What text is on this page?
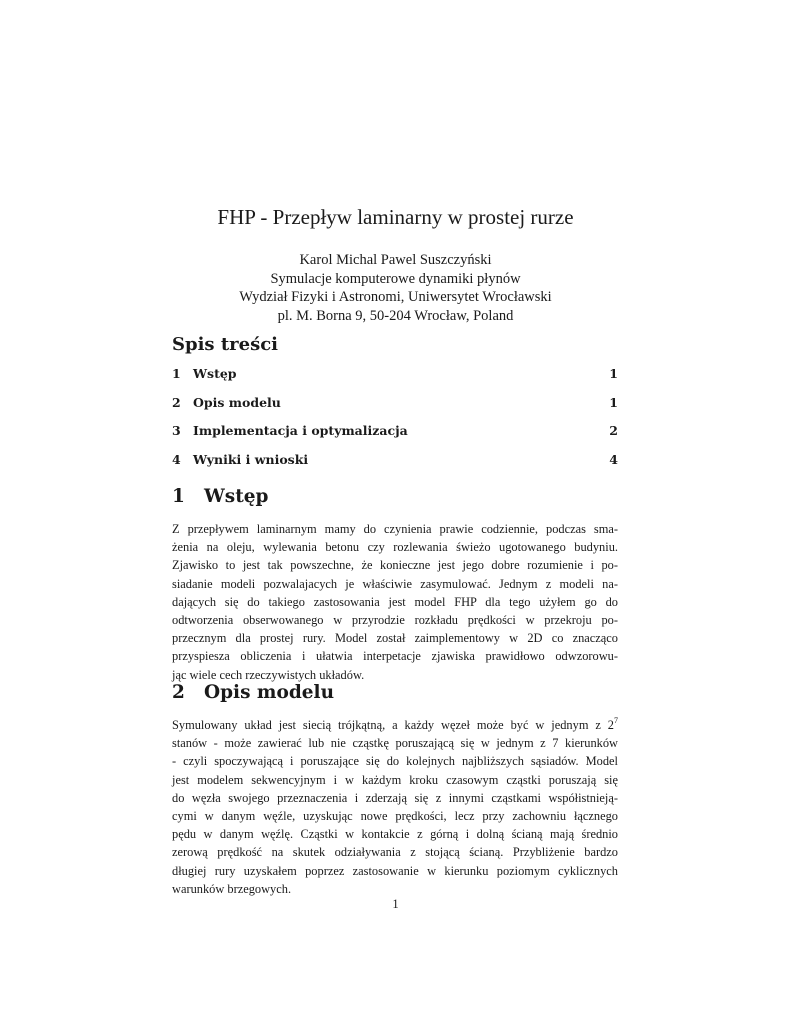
FHP - Przepływ laminarny w prostej rurze
Karol Michal Pawel Suszczyński
Symulacje komputerowe dynamiki płynów
Wydział Fizyki i Astronomi, Uniwersytet Wrocławski
pl. M. Borna 9, 50-204 Wrocław, Poland
Spis treści
1 Wstęp	1
2 Opis modelu	1
3 Implementacja i optymalizacja	2
4 Wyniki i wnioski	4
1 Wstęp
Z przepływem laminarnym mamy do czynienia prawie codziennie, podczas sma-
żenia na oleju, wylewania betonu czy rozlewania świeżo ugotowanego budyniu.
Zjawisko to jest tak powszechne, że konieczne jest jego dobre rozumienie i po-
siadanie modeli pozwalajacych je właściwie zasymulować. Jednym z modeli na-
dających się do takiego zastosowania jest model FHP dla tego użyłem go do
odtworzenia obserwowanego w przyrodzie rozkładu prędkości w przekroju po-
przecznym dla prostej rury. Model został zaimplementowy w 2D co znacząco
przyspiesza obliczenia i ułatwia interpetacje zjawiska prawidłowo odwzorowu-
jąc wiele cech rzeczywistych układów.
2 Opis modelu
Symulowany układ jest siecią trójkątną, a każdy węzeł może być w jednym z $2^7$
stanów - może zawierać lub nie cząstkę poruszającą się w jednym z 7 kierunków
- czyli spoczywającą i poruszające się do kolejnych najbliższych sąsiadów. Model
jest modelem sekwencyjnym i w każdym kroku czasowym cząstki poruszają się
do węzła swojego przeznaczenia i zderzają się z innymi cząstkami współistnieją-
cymi w danym węźle, uzyskując nowe prędkości, lecz przy zachowniu łącznego
pędu w danym węźlę. Cząstki w kontakcie z górną i dolną ścianą mają średnio
zerową prędkość na skutek odziaływania z stojącą ścianą. Przybliżenie bardzo
długiej rury uzyskałem poprzez zastosowanie w kierunku poziomym cyklicznych
warunków brzegowych.
1
